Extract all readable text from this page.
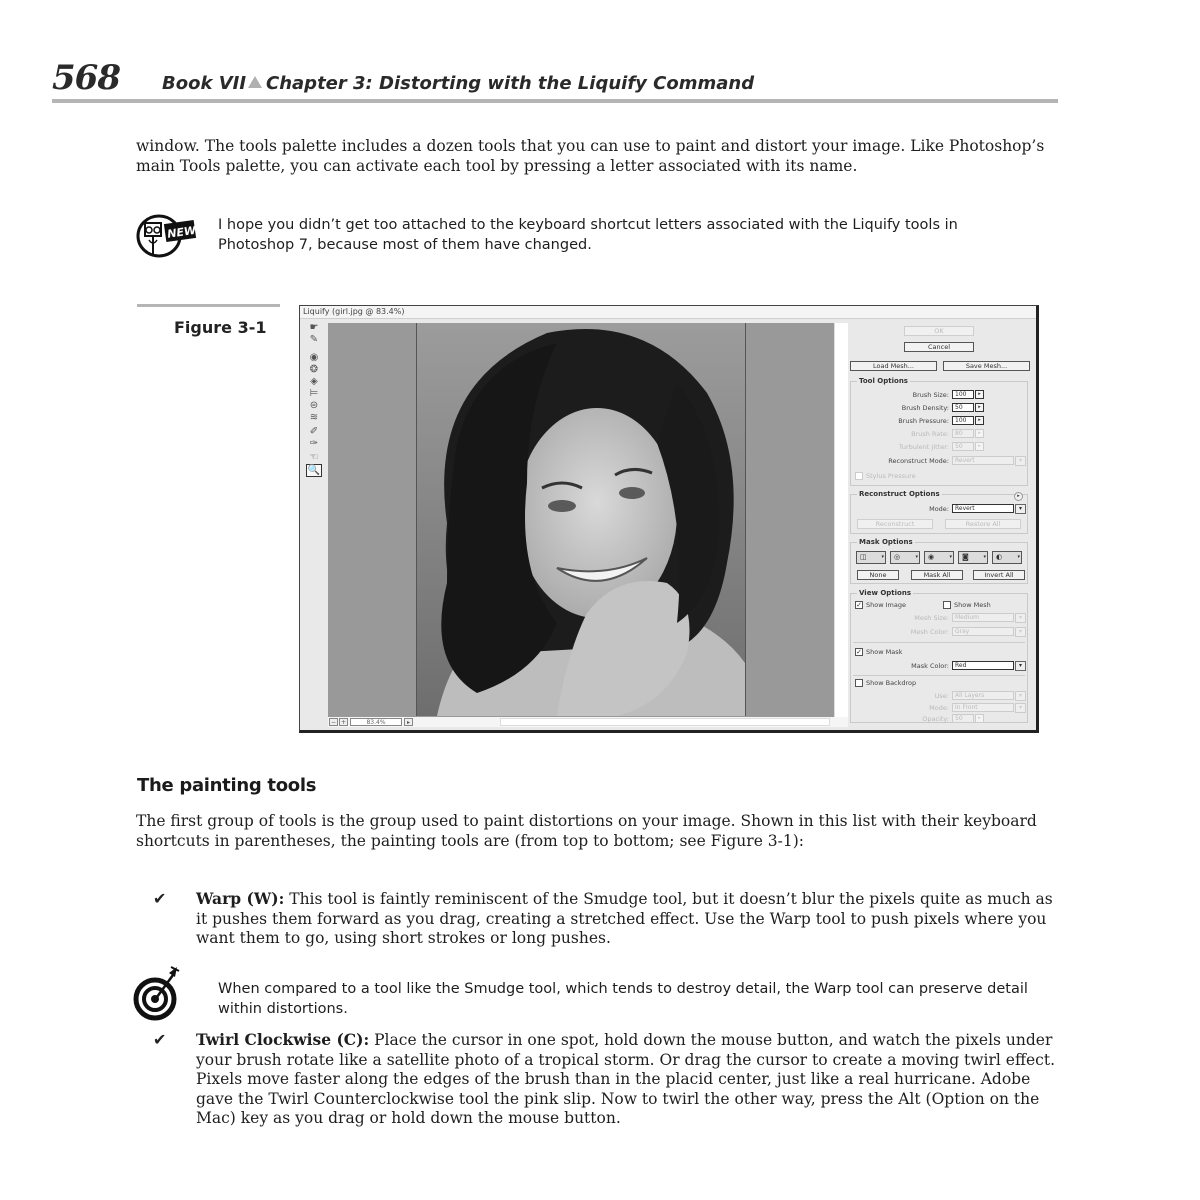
568 Book VII Chapter 3: Distorting with the Liquify Command
window. The tools palette includes a dozen tools that you can use to paint and distort your image. Like Photoshop’s main Tools palette, you can activate each tool by pressing a letter associated with its name.
NEW I hope you didn’t get too attached to the keyboard shortcut letters associated with the Liquify tools in Photoshop 7, because most of them have changed.
Figure 3-1
Liquify (girl.jpg @ 83.4%)
☛
✎
◉
❂
◈
⊨
⊜
≋
✐
✑
☜
🔍
− +	83.4%	▸
OK
Cancel
Load Mesh...	Save Mesh...
Tool Options
Brush Size:	100	▸
Brush Density:	50	▸
Brush Pressure:	100	▸
Brush Rate:	80	▸
Turbulent Jitter:	50	▸
Reconstruct Mode:	Revert	▾
Stylus Pressure
Reconstruct Options	▸
Mode:	Revert	▾
Reconstruct	Restore All
Mask Options
◫	▾	◎	▾	◉	▾	◙	▾	◐	▾
None	Mask All	Invert All
View Options
✓ Show Image	Show Mesh
Mesh Size:	Medium	▾
Mesh Color:	Gray	▾
✓ Show Mask
Mask Color:	Red	▾
Show Backdrop
Use:	All Layers	▾
Mode:	In Front	▾
Opacity:	50	▸
The painting tools
The first group of tools is the group used to paint distortions on your image. Shown in this list with their keyboard shortcuts in parentheses, the painting tools are (from top to bottom; see Figure 3-1):
✔ Warp (W): This tool is faintly reminiscent of the Smudge tool, but it doesn’t blur the pixels quite as much as it pushes them forward as you drag, creating a stretched effect. Use the Warp tool to push pixels where you want them to go, using short strokes or long pushes.
When compared to a tool like the Smudge tool, which tends to destroy detail, the Warp tool can preserve detail within distortions.
✔ Twirl Clockwise (C): Place the cursor in one spot, hold down the mouse button, and watch the pixels under your brush rotate like a satellite photo of a tropical storm. Or drag the cursor to create a moving twirl effect. Pixels move faster along the edges of the brush than in the placid center, just like a real hurricane. Adobe gave the Twirl Counterclockwise tool the pink slip. Now to twirl the other way, press the Alt (Option on the Mac) key as you drag or hold down the mouse button.
